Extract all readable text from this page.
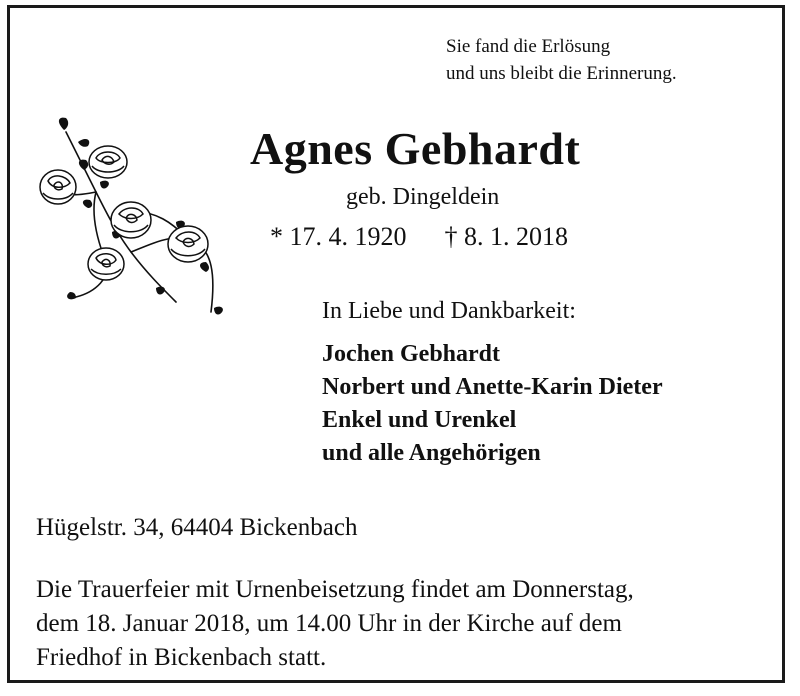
Sie fand die Erlösung
und uns bleibt die Erinnerung.
Agnes Gebhardt
geb. Dingeldein
* 17. 4. 1920 † 8. 1. 2018
In Liebe und Dankbarkeit:
Jochen Gebhardt
Norbert und Anette-Karin Dieter
Enkel und Urenkel
und alle Angehörigen
Hügelstr. 34, 64404 Bickenbach
Die Trauerfeier mit Urnenbeisetzung findet am Donnerstag,
dem 18. Januar 2018, um 14.00 Uhr in der Kirche auf dem
Friedhof in Bickenbach statt.
